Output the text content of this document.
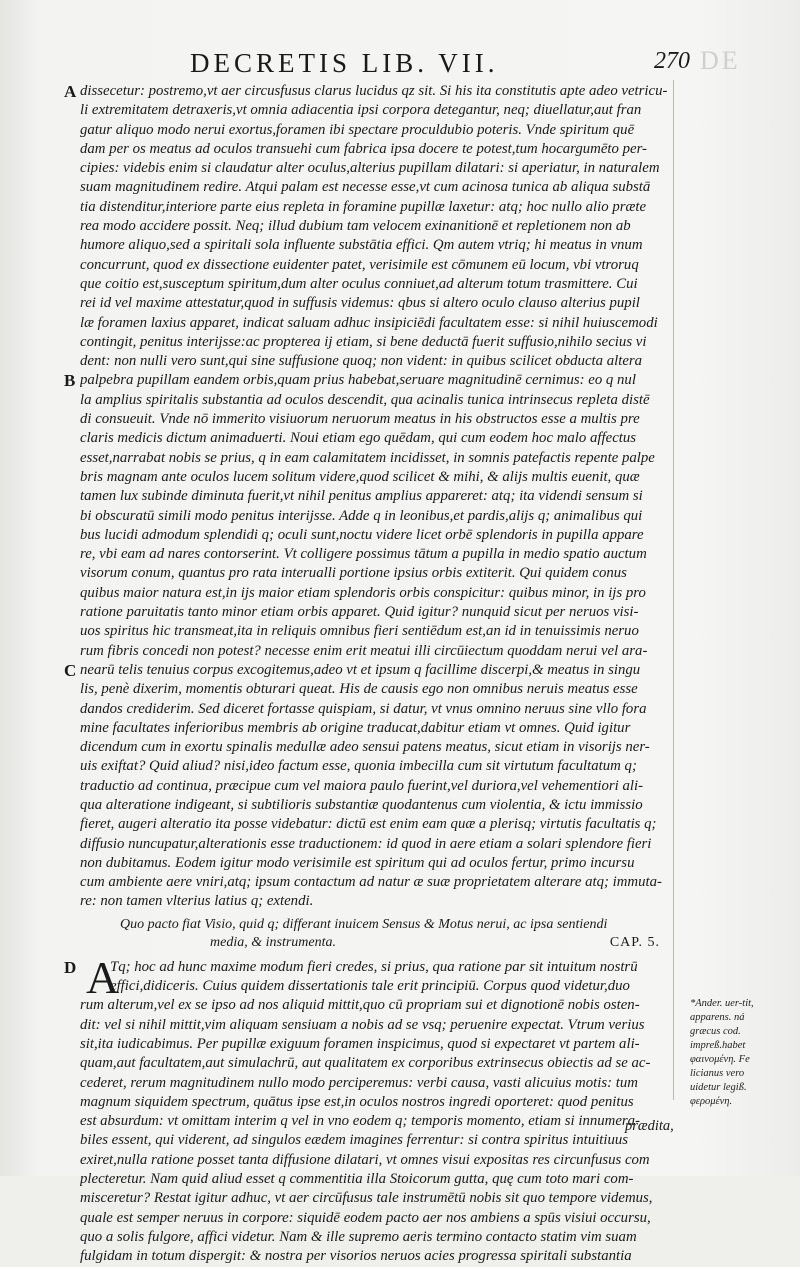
DECRETIS LIB. VII.	270 DE
A dissecetur: postremo,vt aer circusfusus clarus lucidus qz sit. Si his ita constitutis apte adeo vetricu-
li extremitatem detraxeris,vt omnia adiacentia ipsi corpora detegantur, neq; diuellatur,aut fran
gatur aliquo modo nerui exortus,foramen ibi spectare proculdubio poteris. Vnde spiritum quē
dam per os meatus ad oculos transuehi cum fabrica ipsa docere te potest,tum hocargumēto per-
cipies: videbis enim si claudatur alter oculus,alterius pupillam dilatari: si aperiatur, in naturalem
suam magnitudinem redire. Atqui palam est necesse esse,vt cum acinosa tunica ab aliqua substā
tia distenditur,interiore parte eius repleta in foramine pupillæ laxetur: atq; hoc nullo alio præte
rea modo accidere possit. Neq; illud dubium tam velocem exinanitionē et repletionem non ab
humore aliquo,sed a spiritali sola influente substātia effici. Qm autem vtriq; hi meatus in vnum
concurrunt, quod ex dissectione euidenter patet, verisimile est cōmunem eū locum, vbi vtroruq
que coitio est,susceptum spiritum,dum alter oculus conniuet,ad alterum totum trasmittere. Cui
rei id vel maxime attestatur,quod in suffusis videmus: qbus si altero oculo clauso alterius pupil
læ foramen laxius apparet, indicat saluam adhuc insipiciēdi facultatem esse: si nihil huiuscemodi
contingit, penitus interijsse:ac propterea ij etiam, si bene deductā fuerit suffusio,nihilo secius vi
dent: non nulli vero sunt,qui sine suffusione quoq; non vident: in quibus scilicet obducta altera
B palpebra pupillam eandem orbis,quam prius habebat,seruare magnitudinē cernimus: eo q nul
la amplius spiritalis substantia ad oculos descendit, qua acinalis tunica intrinsecus repleta distē
di consueuit. Vnde nō immerito visiuorum neruorum meatus in his obstructos esse a multis pre
claris medicis dictum animaduerti. Noui etiam ego quēdam, qui cum eodem hoc malo affectus
esset,narrabat nobis se prius, q in eam calamitatem incidisset, in somnis patefactis repente palpe
bris magnam ante oculos lucem solitum videre,quod scilicet & mihi, & alijs multis euenit, quæ
tamen lux subinde diminuta fuerit,vt nihil penitus amplius appareret: atq; ita videndi sensum si
bi obscuratū simili modo penitus interijsse. Adde q in leonibus,et pardis,alijs q; animalibus qui
bus lucidi admodum splendidi q; oculi sunt,noctu videre licet orbē splendoris in pupilla appare
re, vbi eam ad nares contorserint. Vt colligere possimus tātum a pupilla in medio spatio auctum
visorum conum, quantus pro rata interualli portione ipsius orbis extiterit. Qui quidem conus
quibus maior natura est,in ijs maior etiam splendoris orbis conspicitur: quibus minor, in ijs pro
ratione paruitatis tanto minor etiam orbis apparet. Quid igitur? nunquid sicut per neruos visi-
uos spiritus hic transmeat,ita in reliquis omnibus fieri sentiēdum est,an id in tenuissimis neruo
rum fibris concedi non potest? necesse enim erit meatui illi circūiectum quoddam nerui vel ara-
C nearū telis tenuius corpus excogitemus,adeo vt et ipsum q facillime discerpi,& meatus in singu
lis, penè dixerim, momentis obturari queat. His de causis ego non omnibus neruis meatus esse
dandos crediderim. Sed diceret fortasse quispiam, si datur, vt vnus omnino neruus sine vllo fora
mine facultates inferioribus membris ab origine traducat,dabitur etiam vt omnes. Quid igitur
dicendum cum in exortu spinalis medullæ adeo sensui patens meatus, sicut etiam in visorijs ner-
uis exiftat? Quid aliud? nisi,ideo factum esse, quonia imbecilla cum sit virtutum facultatum q;
traductio ad continua, præcipue cum vel maiora paulo fuerint,vel duriora,vel vehementiori ali-
qua alteratione indigeant, si subtilioris substantiæ quodantenus cum violentia, & ictu immissio
fieret, augeri alteratio ita posse videbatur: dictū est enim eam quæ a plerisq; virtutis facultatis q;
diffusio nuncupatur,alterationis esse traductionem: id quod in aere etiam a solari splendore fieri
non dubitamus. Eodem igitur modo verisimile est spiritum qui ad oculos fertur, primo incursu
cum ambiente aere vniri,atq; ipsum contactum ad natur æ suæ proprietatem alterare atq; immuta-
re: non tamen vlterius latius q; extendi.
Quo pacto fiat Visio, quid q; differant inuicem Sensus & Motus nerui, ac ipsa sentiendi
media, & instrumenta.	CAP. 5.
D A
Tq; hoc ad hunc maxime modum fieri credes, si prius, qua ratione par sit intuitum nostrū
effici,didiceris. Cuius quidem dissertationis tale erit principiū. Corpus quod videtur,duo
rum alterum,vel ex se ipso ad nos aliquid mittit,quo cū propriam sui et dignotionē nobis osten-
dit: vel si nihil mittit,vim aliquam sensiuam a nobis ad se vsq; peruenire expectat. Vtrum verius
sit,ita iudicabimus. Per pupillæ exiguum foramen inspicimus, quod si expectaret vt partem ali-
quam,aut facultatem,aut simulachrū, aut qualitatem ex corporibus extrinsecus obiectis ad se ac-
cederet, rerum magnitudinem nullo modo perciperemus: verbi causa, vasti alicuius motis: tum
magnum siquidem spectrum, quātus ipse est,in oculos nostros ingredi oporteret: quod penitus
est absurdum: vt omittam interim q vel in vno eodem q; temporis momento, etiam si innumera-
biles essent, qui viderent, ad singulos eædem imagines ferrentur: si contra spiritus intuitiuus
exiret,nulla ratione posset tanta diffusione dilatari, vt omnes visui expositas res circunfusus com
plecteretur. Nam quid aliud esset q commentitia illa Stoicorum gutta, quę cum toto mari com-
misceretur? Restat igitur adhuc, vt aer circūfusus tale instrumētū nobis sit quo tempore videmus,
quale est semper neruus in corpore: siquidē eodem pacto aer nos ambiens a spūs visiui occursu,
quo a solis fulgore, affici videtur. Nam & ille supremo aeris termino contacto statim vim suam
fulgidam in totum dispergit: & nostra per visorios neruos acies progressa spiritali substantia
*Ander. uer-tit, apparens. ná græcus cod. impreß.habet φαινομένη. Fe licianus vero uidetur legiß. φερομένη.
prædita,
